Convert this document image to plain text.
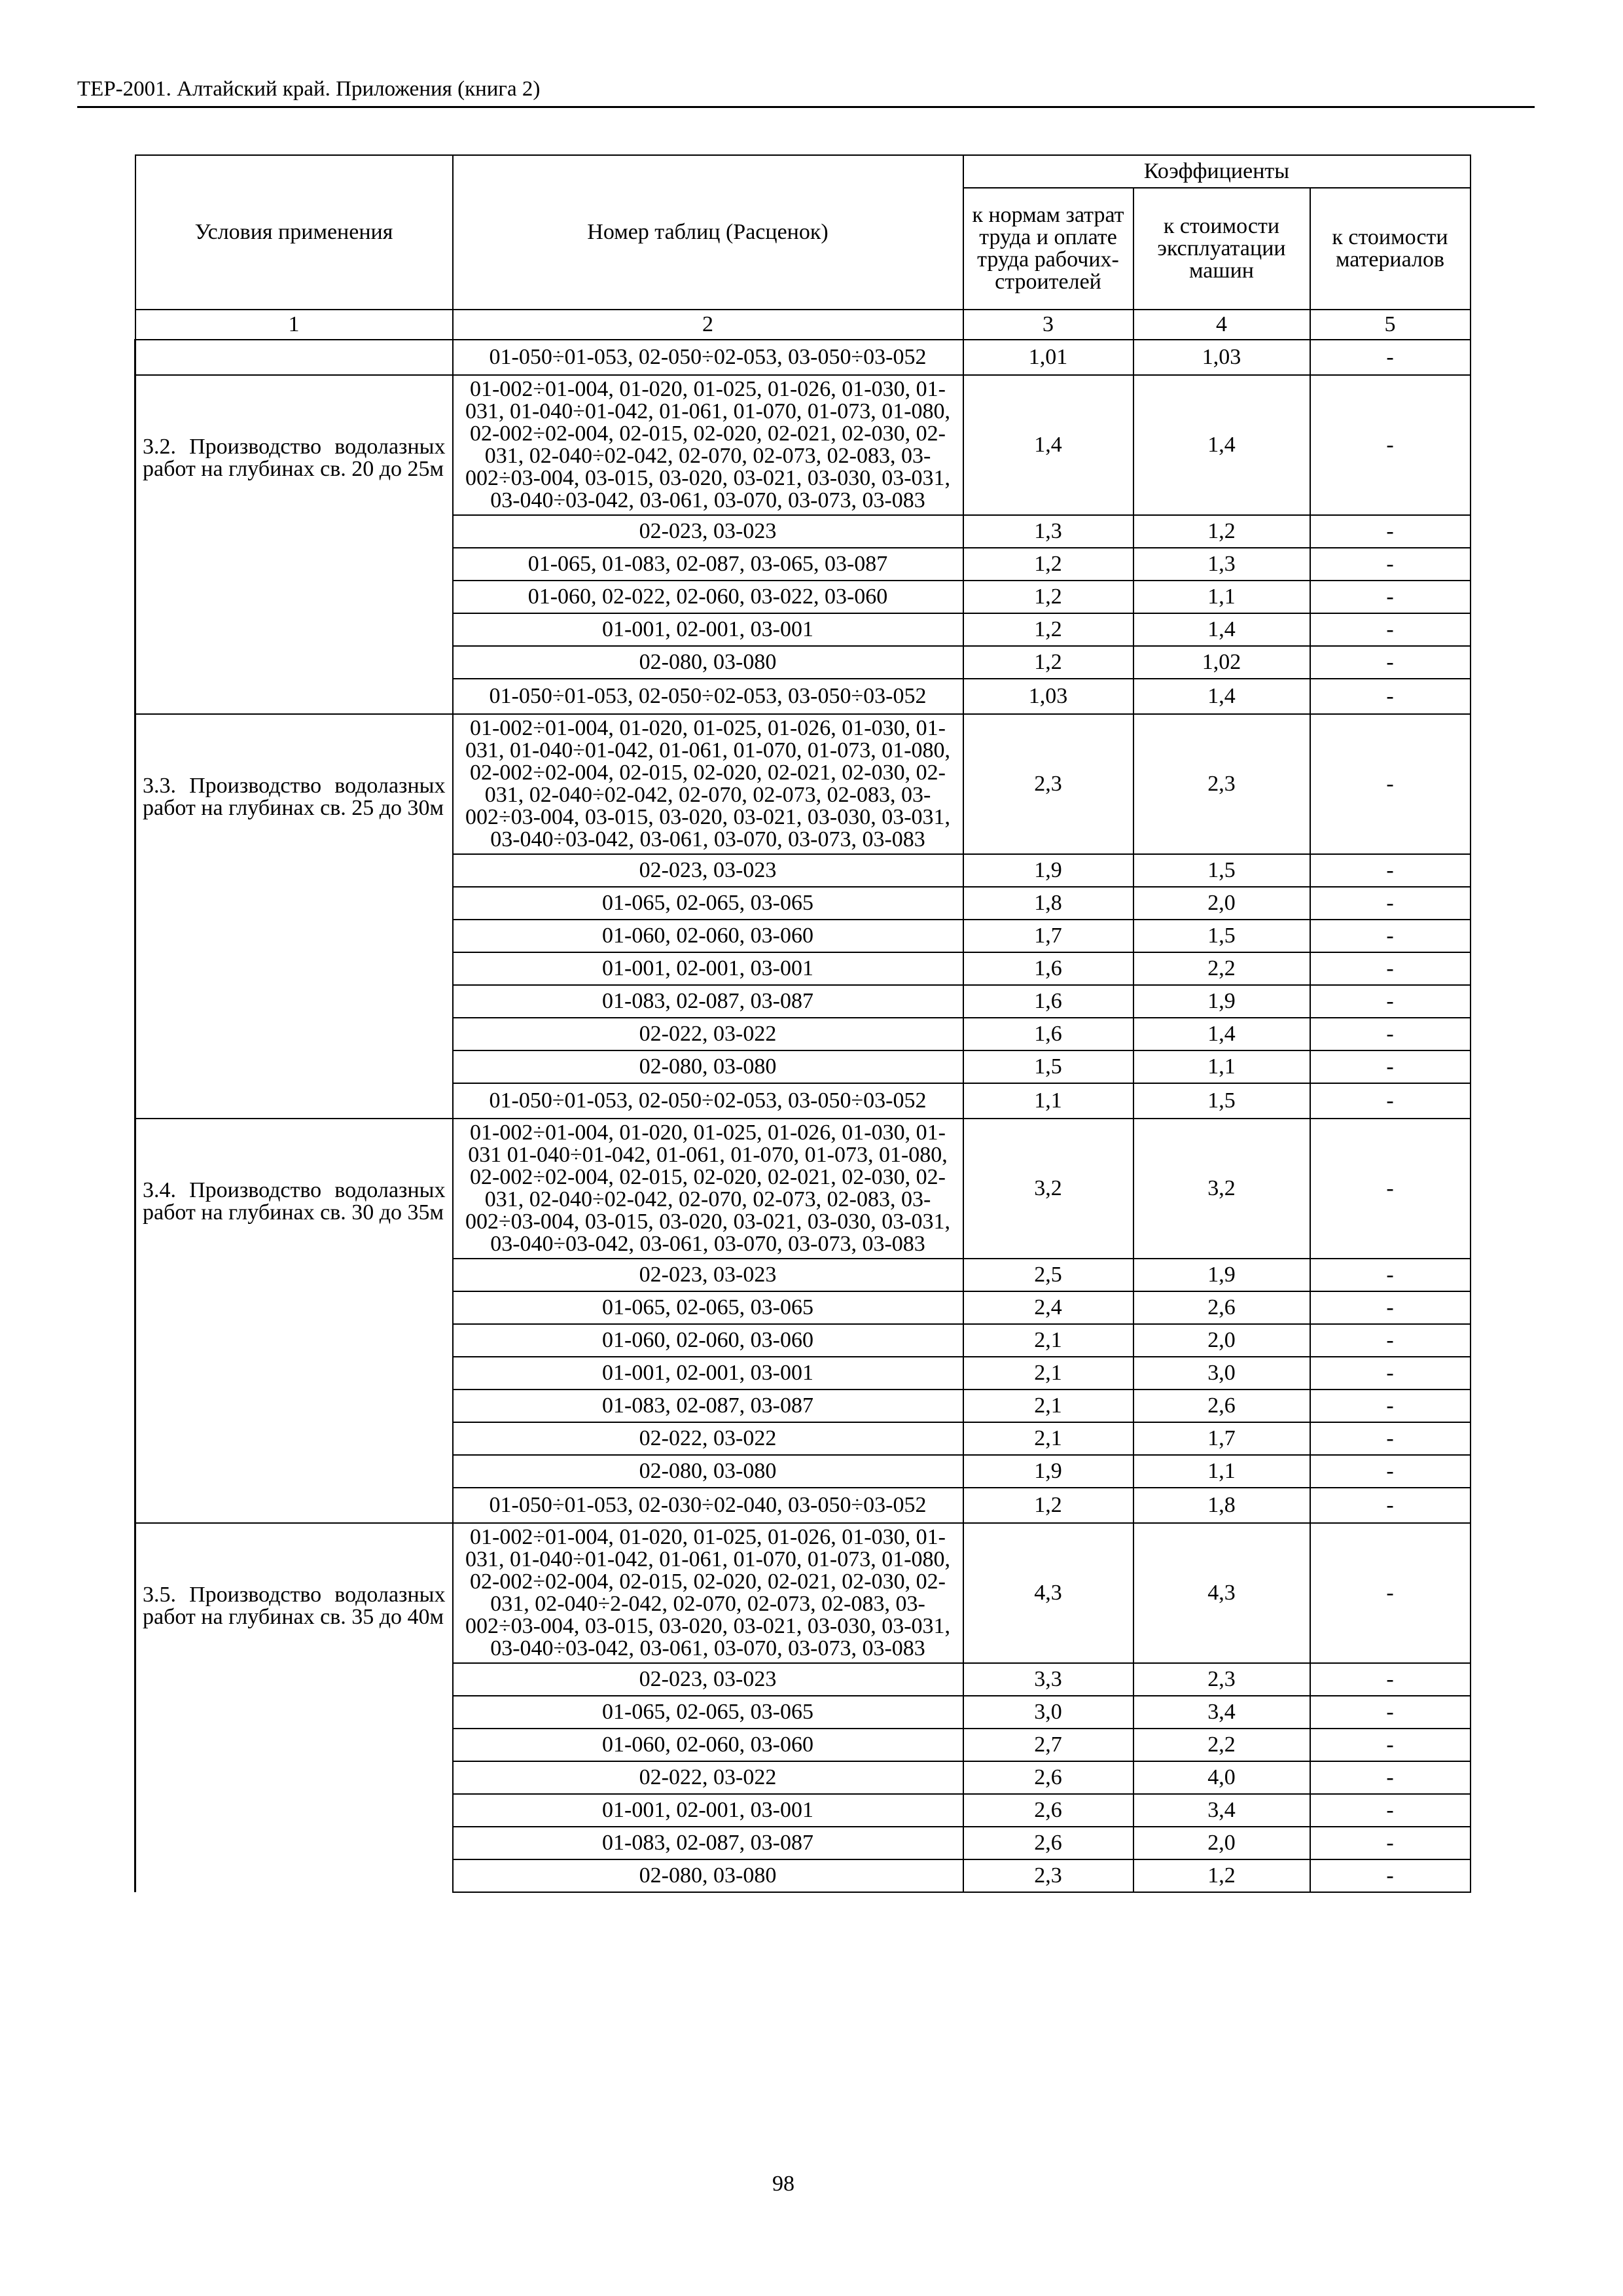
ТЕР-2001. Алтайский край. Приложения (книга 2)
Условия применения	Номер таблиц (Расценок)	Коэффициенты		
		к нормам затрат труда и оплате труда рабочих-строителей	к стоимости эксплуатации машин	к стоимости материалов
1	2	3	4	5
	01-050÷01-053, 02-050÷02-053, 03-050÷03-052	1,01	1,03	-
3.2. Производство водолазных работ на глубинах св. 20 до 25м	01-002÷01-004, 01-020, 01-025, 01-026, 01-030, 01-031, 01-040÷01-042, 01-061, 01-070, 01-073, 01-080, 02-002÷02-004, 02-015, 02-020, 02-021, 02-030, 02-031, 02-040÷02-042, 02-070, 02-073, 02-083, 03-002÷03-004, 03-015, 03-020, 03-021, 03-030, 03-031, 03-040÷03-042, 03-061, 03-070, 03-073, 03-083	1,4	1,4	-
	02-023, 03-023	1,3	1,2	-
	01-065, 01-083, 02-087, 03-065, 03-087	1,2	1,3	-
	01-060, 02-022, 02-060, 03-022, 03-060	1,2	1,1	-
	01-001, 02-001, 03-001	1,2	1,4	-
	02-080, 03-080	1,2	1,02	-
	01-050÷01-053, 02-050÷02-053, 03-050÷03-052	1,03	1,4	-
3.3. Производство водолазных работ на глубинах св. 25 до 30м	01-002÷01-004, 01-020, 01-025, 01-026, 01-030, 01-031, 01-040÷01-042, 01-061, 01-070, 01-073, 01-080, 02-002÷02-004, 02-015, 02-020, 02-021, 02-030, 02-031, 02-040÷02-042, 02-070, 02-073, 02-083, 03-002÷03-004, 03-015, 03-020, 03-021, 03-030, 03-031, 03-040÷03-042, 03-061, 03-070, 03-073, 03-083	2,3	2,3	-
	02-023, 03-023	1,9	1,5	-
	01-065, 02-065, 03-065	1,8	2,0	-
	01-060, 02-060, 03-060	1,7	1,5	-
	01-001, 02-001, 03-001	1,6	2,2	-
	01-083, 02-087, 03-087	1,6	1,9	-
	02-022, 03-022	1,6	1,4	-
	02-080, 03-080	1,5	1,1	-
	01-050÷01-053, 02-050÷02-053, 03-050÷03-052	1,1	1,5	-
3.4. Производство водолазных работ на глубинах св. 30 до 35м	01-002÷01-004, 01-020, 01-025, 01-026, 01-030, 01-031 01-040÷01-042, 01-061, 01-070, 01-073, 01-080, 02-002÷02-004, 02-015, 02-020, 02-021, 02-030, 02-031, 02-040÷02-042, 02-070, 02-073, 02-083, 03-002÷03-004, 03-015, 03-020, 03-021, 03-030, 03-031, 03-040÷03-042, 03-061, 03-070, 03-073, 03-083	3,2	3,2	-
	02-023, 03-023	2,5	1,9	-
	01-065, 02-065, 03-065	2,4	2,6	-
	01-060, 02-060, 03-060	2,1	2,0	-
	01-001, 02-001, 03-001	2,1	3,0	-
	01-083, 02-087, 03-087	2,1	2,6	-
	02-022, 03-022	2,1	1,7	-
	02-080, 03-080	1,9	1,1	-
	01-050÷01-053, 02-030÷02-040, 03-050÷03-052	1,2	1,8	-
3.5. Производство водолазных работ на глубинах св. 35 до 40м	01-002÷01-004, 01-020, 01-025, 01-026, 01-030, 01-031, 01-040÷01-042, 01-061, 01-070, 01-073, 01-080, 02-002÷02-004, 02-015, 02-020, 02-021, 02-030, 02-031, 02-040÷2-042, 02-070, 02-073, 02-083, 03-002÷03-004, 03-015, 03-020, 03-021, 03-030, 03-031, 03-040÷03-042, 03-061, 03-070, 03-073, 03-083	4,3	4,3	-
	02-023, 03-023	3,3	2,3	-
	01-065, 02-065, 03-065	3,0	3,4	-
	01-060, 02-060, 03-060	2,7	2,2	-
	02-022, 03-022	2,6	4,0	-
	01-001, 02-001, 03-001	2,6	3,4	-
	01-083, 02-087, 03-087	2,6	2,0	-
	02-080, 03-080	2,3	1,2	-
98
